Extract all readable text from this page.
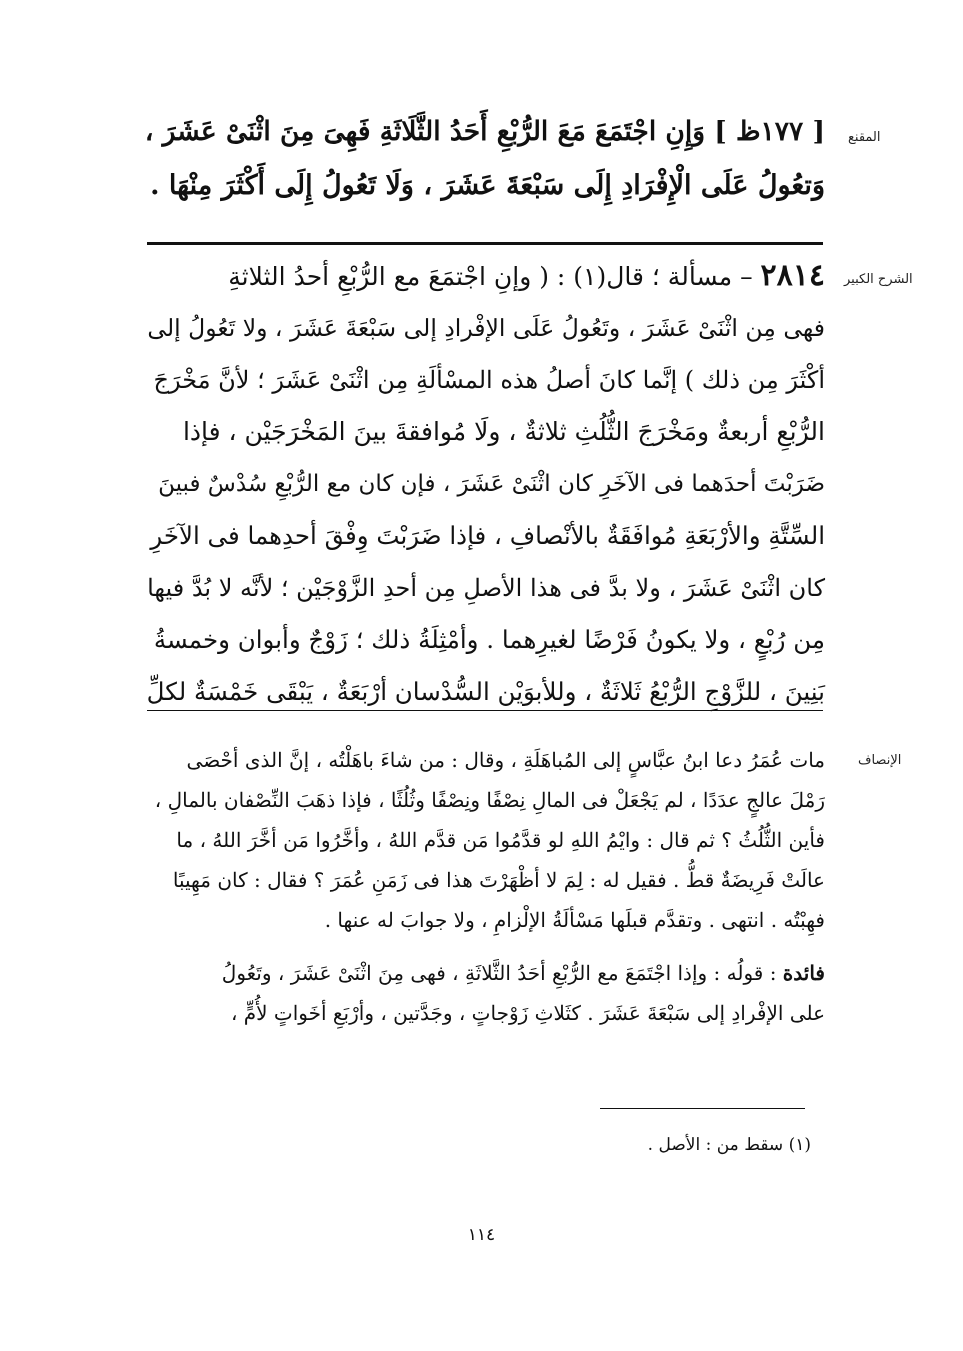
المقنع
الشرح الكبير
الإنصاف
[ ١٧٧ظ ] وَإِنِ اجْتَمَعَ مَعَ الرُّبْعِ أَحَدُ الثَّلَاثَةِ فَهِىَ مِنَ اثْنَىْ عَشَرَ ،
وَتعُولُ عَلَى الْإِفْرَادِ إِلَى سَبْعَةَ عَشَرَ ، وَلَا تَعُولُ إِلَى أَكْثَرَ مِنْهَا .
٢٨١٤ – مسألة ؛ قال(١) : ( وإنِ اجْتمَعَ مع الرُّبْعِ أحدُ الثلاثةِ
فهى مِن اثْنَىْ عَشَرَ ، وتَعُولُ عَلَى الإفْرادِ إلى سَبْعَةَ عَشَرَ ، ولا تَعُولُ إلى
أكْثَرَ مِن ذلك ) إنَّما كانَ أصلُ هذه المسْألَةِ مِن اثْنَىْ عَشَرَ ؛ لأنَّ مَخْرَجَ
الرُّبْعِ أربعةٌ ومَخْرَجَ الثُّلُثِ ثلاثةٌ ، ولَا مُوافقةَ بينَ المَخْرَجَيْن ، فإذا
ضَرَبْتَ أحدَهما فى الآخَرِ كان اثْنَىْ عَشَرَ ، فإن كان مع الرُّبْعِ سُدْسٌ فبينَ
السِّتَّةِ والأرْبَعَةِ مُوافَقَةٌ بالأنْصافِ ، فإذا ضَرَبْتَ وِفْقَ أحدِهما فى الآخَرِ
كان اثْنَىْ عَشَرَ ، ولا بدَّ فى هذا الأصلِ مِن أحدِ الزَّوْجَيْن ؛ لأنَّه لا بُدَّ فيها
مِن رُبْعٍ ، ولا يكونُ فَرْضًا لغيرِهما . وأمْثِلَةُ ذلك ؛ زَوْجٌ وأبوان وخمسةُ
بَنِينَ ، للزَّوْجِ الرُّبْعُ ثَلاثَةٌ ، وللأبوَيْن السُّدْسان أرْبَعَةٌ ، يَبْقَى خَمْسَةٌ لكلِّ
مات عُمَرُ دعا ابنُ عبَّاسٍ إلى المُباهَلَةِ ، وقال : من شاءَ باهَلْتُه ، إنَّ الذى أحْصَى
رَمْلَ عالجٍ عدَدًا ، لم يَجْعَلْ فى المالِ نِصْفًا ونِصْفًا وثُلُثًا ، فإذا ذهَبَ النِّصْفان بالمالِ ،
فأين الثُّلُثُ ؟ ثم قال : وايْمُ اللهِ لو قدَّمُوا مَن قدَّم اللهُ ، وأخَّرُوا مَن أخَّرَ اللهُ ، ما
عالَتْ فَرِيضَةٌ قطُّ . فقيل له : لِمَ لا أظْهَرْتَ هذا فى زَمَنِ عُمَرَ ؟ فقال : كان مَهِيبًا
فهِبْتُه . انتهى . وتقدَّم قبلَها مَسْألَةُ الإلْزامِ ، ولا جوابَ له عنها .
فائدة : قولُه : وإذا اجْتَمَعَ مع الرُّبْعِ أحَدُ الثَّلاثَةِ ، فهى مِنَ اثْنَىْ عَشَرَ ، وتَعُولُ
على الإفْرادِ إلى سَبْعَةَ عَشَرَ . كثَلاثِ زَوْجاتٍ ، وجَدَّتين ، وأرْبَعِ أخَواتٍ لأُمٍّ ،
(١) سقط من : الأصل .
١١٤
